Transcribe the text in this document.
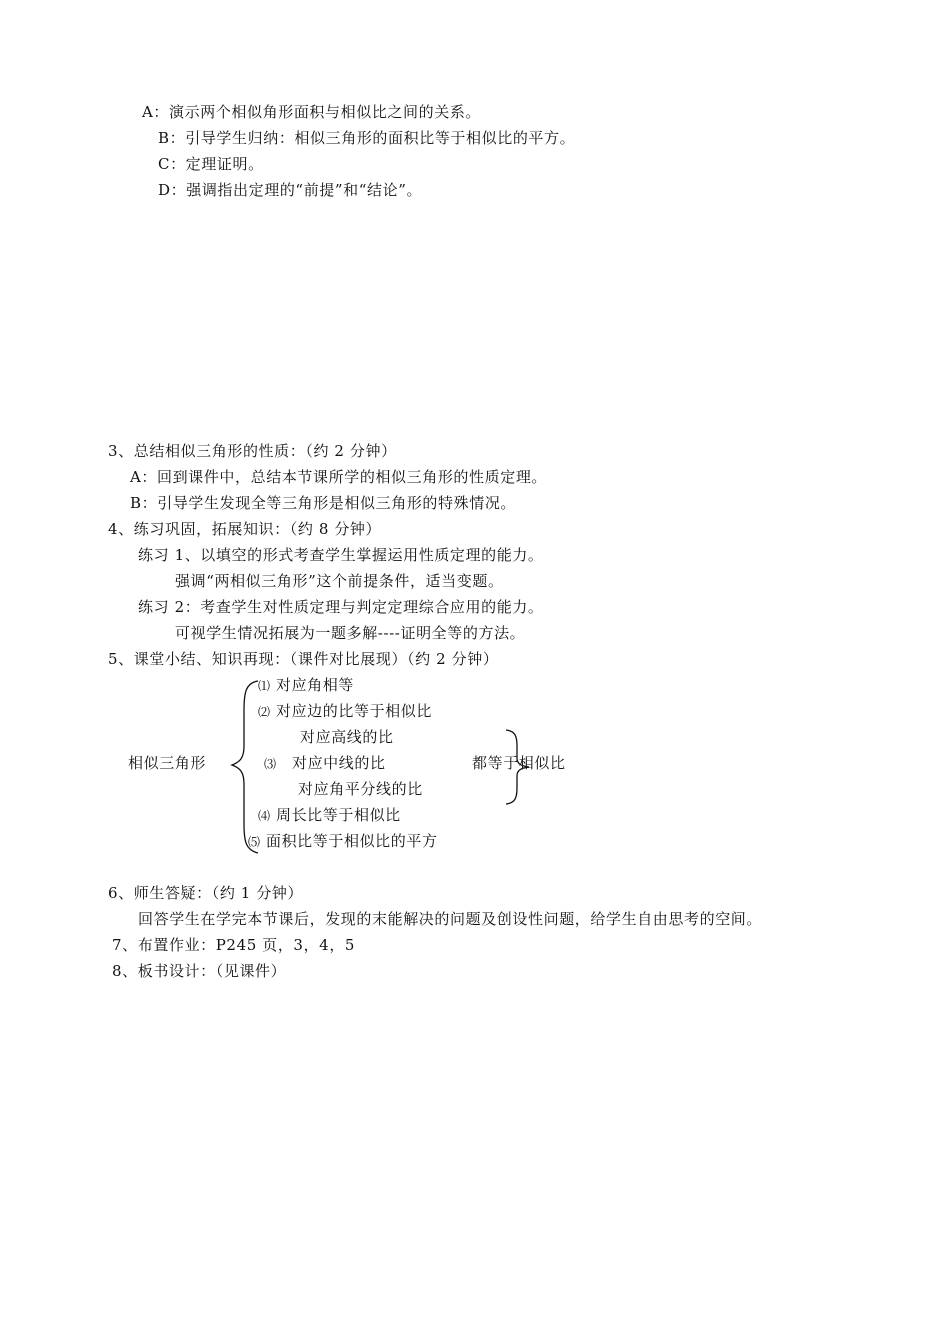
A：演示两个相似角形面积与相似比之间的关系。
B：引导学生归纳：相似三角形的面积比等于相似比的平方。
C：定理证明。
D：强调指出定理的“前提”和“结论”。
3、总结相似三角形的性质：（约 2 分钟）
A：回到课件中，总结本节课所学的相似三角形的性质定理。
B：引导学生发现全等三角形是相似三角形的特殊情况。
4、练习巩固，拓展知识：（约 8 分钟）
练习 1、以填空的形式考查学生掌握运用性质定理的能力。
强调“两相似三角形”这个前提条件，适当变题。
练习 2：考查学生对性质定理与判定定理综合应用的能力。
可视学生情况拓展为一题多解----证明全等的方法。
5、课堂小结、知识再现：（课件对比展现）（约 2 分钟）
相似三角形
⑴ 对应角相等
⑵ 对应边的比等于相似比
对应高线的比
⑶ 对应中线的比
对应角平分线的比
⑷ 周长比等于相似比
⑸ 面积比等于相似比的平方
都等于相似比
6、师生答疑：（约 1 分钟）
回答学生在学完本节课后，发现的末能解决的问题及创设性问题，给学生自由思考的空间。
7、布置作业：P245 页，3，4，5
8、板书设计：（见课件）
